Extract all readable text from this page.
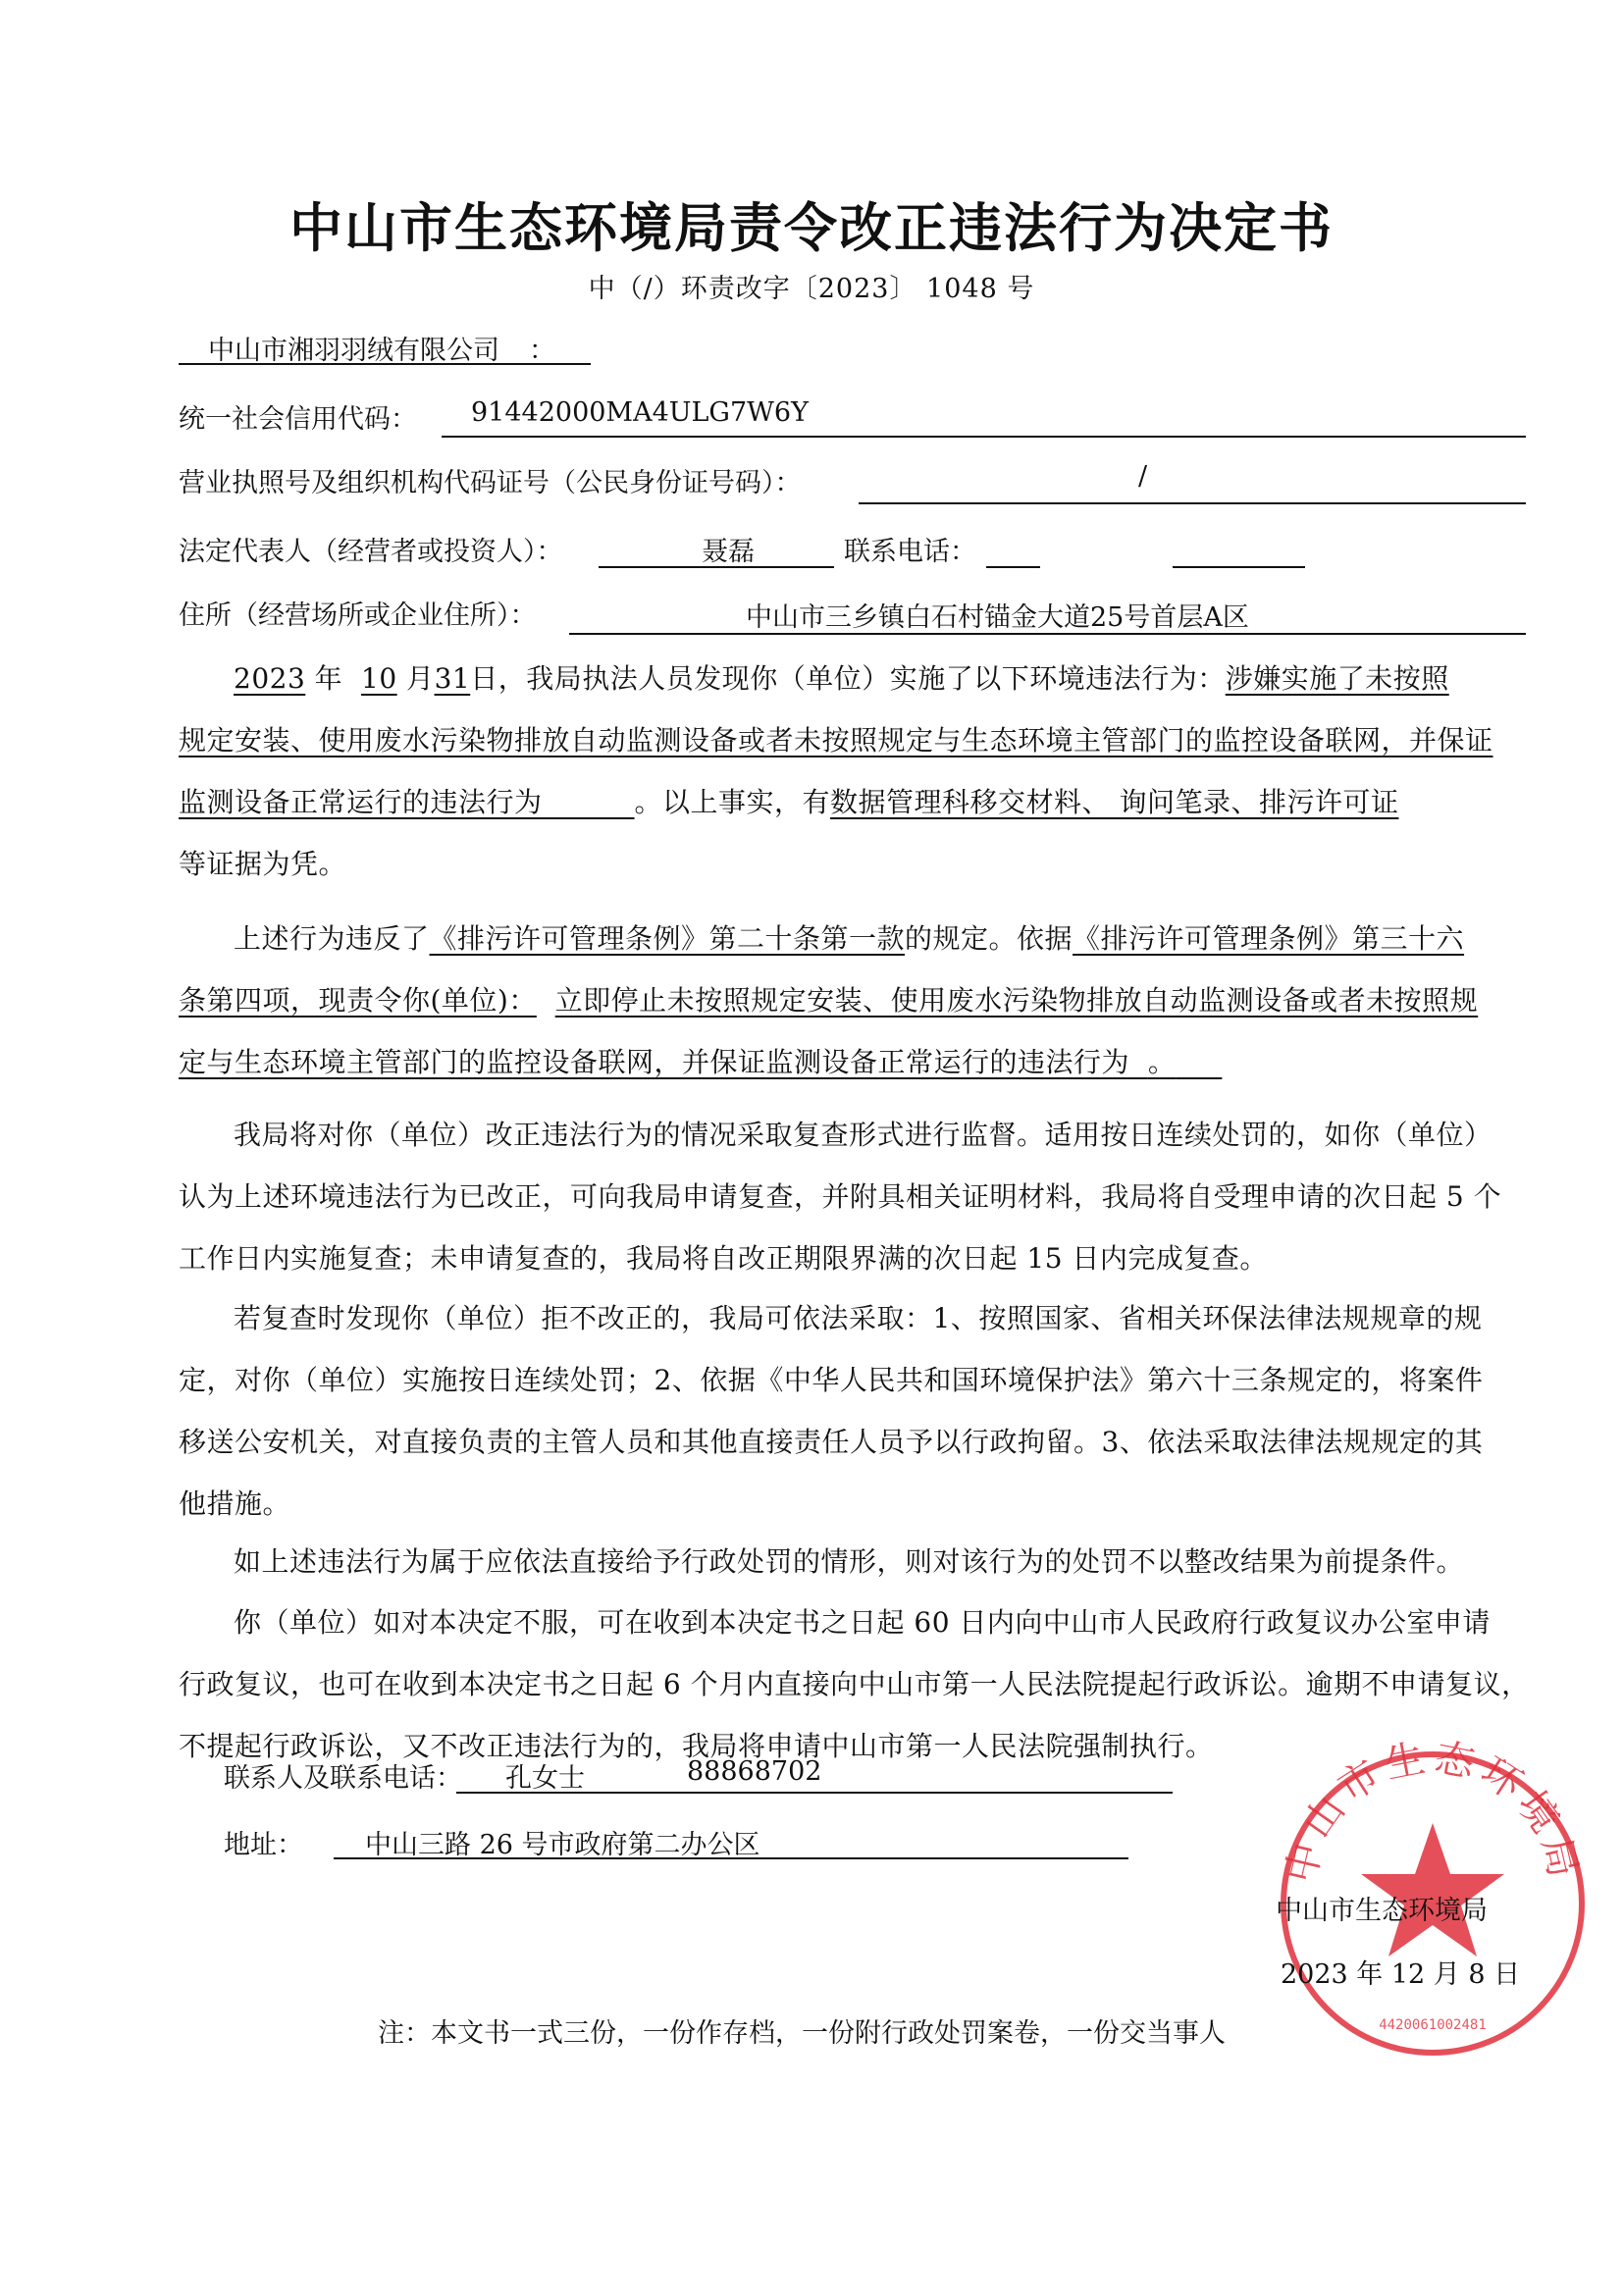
中山市生态环境局责令改正违法行为决定书
中（/）环责改字〔2023〕 1048 号
中山市湘羽羽绒有限公司 ：
统一社会信用代码： 91442000MA4ULG7W6Y
营业执照号及组织机构代码证号（公民身份证号码）：	/
法定代表人（经营者或投资人）：	聂磊	联系电话：
住所（经营场所或企业住所）：	中山市三乡镇白石村锚金大道25号首层A区
2023 年 10 月31日，我局执法人员发现你（单位）实施了以下环境违法行为：涉嫌实施了未按照
规定安装、使用废水污染物排放自动监测设备或者未按照规定与生态环境主管部门的监控设备联网，并保证
监测设备正常运行的违法行为	。以上事实，有数据管理科移交材料、 询问笔录、排污许可证
等证据为凭。
上述行为违反了《排污许可管理条例》第二十条第一款的规定。依据《排污许可管理条例》第三十六
条第四项，现责令你(单位)： 立即停止未按照规定安装、使用废水污染物排放自动监测设备或者未按照规
定与生态环境主管部门的监控设备联网，并保证监测设备正常运行的违法行为 。
我局将对你（单位）改正违法行为的情况采取复查形式进行监督。适用按日连续处罚的，如你（单位）
认为上述环境违法行为已改正，可向我局申请复查，并附具相关证明材料，我局将自受理申请的次日起 5 个
工作日内实施复查；未申请复查的，我局将自改正期限界满的次日起 15 日内完成复查。
若复查时发现你（单位）拒不改正的，我局可依法采取：1、按照国家、省相关环保法律法规规章的规
定，对你（单位）实施按日连续处罚；2、依据《中华人民共和国环境保护法》第六十三条规定的，将案件
移送公安机关，对直接负责的主管人员和其他直接责任人员予以行政拘留。3、依法采取法律法规规定的其
他措施。
如上述违法行为属于应依法直接给予行政处罚的情形，则对该行为的处罚不以整改结果为前提条件。
你（单位）如对本决定不服，可在收到本决定书之日起 60 日内向中山市人民政府行政复议办公室申请
行政复议，也可在收到本决定书之日起 6 个月内直接向中山市第一人民法院提起行政诉讼。逾期不申请复议，
不提起行政诉讼，又不改正违法行为的，我局将申请中山市第一人民法院强制执行。
联系人及联系电话： 孔女士	88868702
地址： 中山三路 26 号市政府第二办公区	中山市生态环境局
4420061002481
中山市生态环境局
2023 年 12 月 8 日
注：本文书一式三份，一份作存档，一份附行政处罚案卷，一份交当事人
